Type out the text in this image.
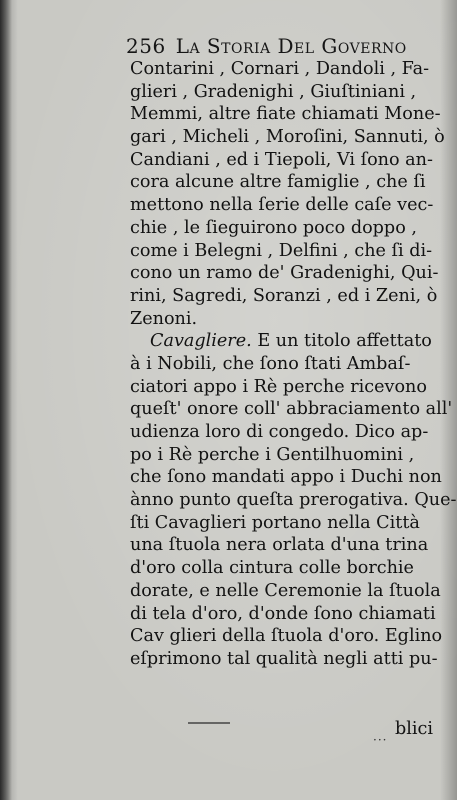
256 La Storia Del Governo
Contarini , Cornari , Dandoli , Fa-
glieri , Gradenighi , Giuſtiniani ,
Memmi, altre fiate chiamati Mone-
gari , Micheli , Moroſini, Sannuti, ò
Candiani , ed i Tiepoli, Vi ſono an-
cora alcune altre famiglie , che ſi
mettono nella ſerie delle caſe vec-
chie , le ſieguirono poco doppo ,
come i Belegni , Delfini , che ſi di-
cono un ramo de' Gradenighi, Qui-
rini, Sagredi, Soranzi , ed i Zeni, ò
Zenoni.
Cavagliere. E un titolo affettato
à i Nobili, che ſono ſtati Ambaſ-
ciatori appo i Rè perche ricevono
queſt' onore coll' abbraciamento all'
udienza loro di congedo. Dico ap-
po i Rè perche i Gentilhuomini ,
che ſono mandati appo i Duchi non
ànno punto queſta prerogativa. Que-
ſti Cavaglieri portano nella Città
una ſtuola nera orlata d'una trina
d'oro colla cintura colle borchie
dorate, e nelle Ceremonie la ſtuola
di tela d'oro, d'onde ſono chiamati
Cav glieri della ſtuola d'oro. Eglino
eſprimono tal qualità negli atti pu-
blici
···
